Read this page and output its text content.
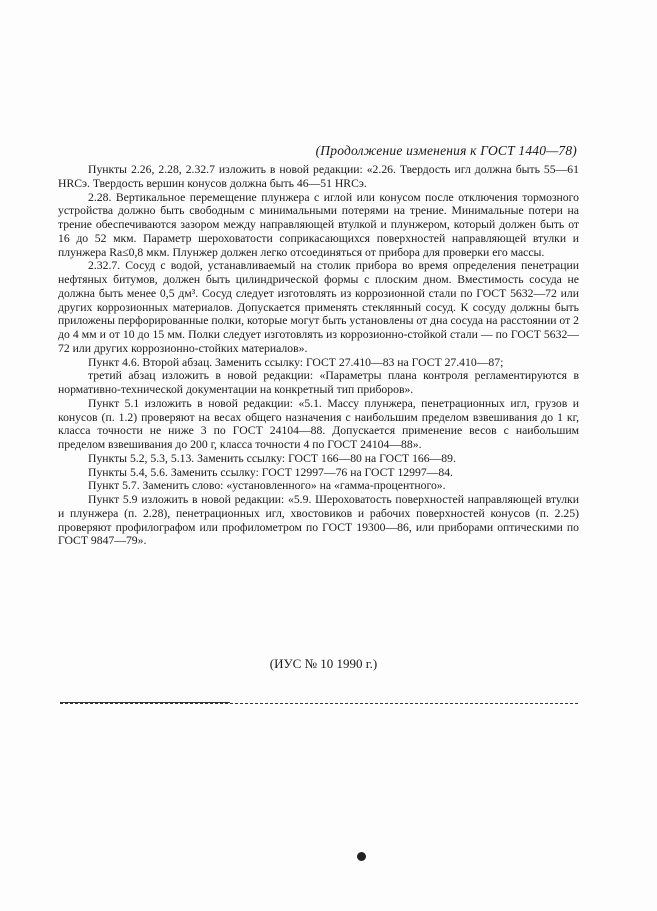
(Продолжение изменения к ГОСТ 1440—78)

Пункты 2.26, 2.28, 2.32.7 изложить в новой редакции: «2.26. Твердость игл должна быть 55—61 HRCэ. Твердость вершин конусов должна быть 46—51 HRCэ.

2.28. Вертикальное перемещение плунжера с иглой или конусом после отключения тормозного устройства должно быть свободным с минимальными потерями на трение. Минимальные потери на трение обеспечиваются зазором между направляющей втулкой и плунжером, который должен быть от 16 до 52 мкм. Параметр шероховатости соприкасающихся поверхностей направляющей втулки и плунжера Ra≤0,8 мкм. Плунжер должен легко отсоединяться от прибора для проверки его массы.

2.32.7. Сосуд с водой, устанавливаемый на столик прибора во время определения пенетрации нефтяных битумов, должен быть цилиндрической формы с плоским дном. Вместимость сосуда не должна быть менее 0,5 дм³. Сосуд следует изготовлять из коррозионной стали по ГОСТ 5632—72 или других коррозионных материалов. Допускается применять стеклянный сосуд. К сосуду должны быть приложены перфорированные полки, которые могут быть установлены от дна сосуда на расстоянии от 2 до 4 мм и от 10 до 15 мм. Полки следует изготовлять из коррозионно-стойкой стали — по ГОСТ 5632—72 или других коррозионно-стойких материалов».

Пункт 4.6. Второй абзац. Заменить ссылку: ГОСТ 27.410—83 на ГОСТ 27.410—87;

третий абзац изложить в новой редакции: «Параметры плана контроля регламентируются в нормативно-технической документации на конкретный тип приборов».

Пункт 5.1 изложить в новой редакции: «5.1. Массу плунжера, пенетрационных игл, грузов и конусов (п. 1.2) проверяют на весах общего назначения с наибольшим пределом взвешивания до 1 кг, класса точности не ниже 3 по ГОСТ 24104—88. Допускается применение весов с наибольшим пределом взвешивания до 200 г, класса точности 4 по ГОСТ 24104—88».

Пункты 5.2, 5.3, 5.13. Заменить ссылку: ГОСТ 166—80 на ГОСТ 166—89.

Пункты 5.4, 5.6. Заменить ссылку: ГОСТ 12997—76 на ГОСТ 12997—84.

Пункт 5.7. Заменить слово: «установленного» на «гамма-процентного».

Пункт 5.9 изложить в новой редакции: «5.9. Шероховатость поверхностей направляющей втулки и плунжера (п. 2.28), пенетрационных игл, хвостовиков и рабочих поверхностей конусов (п. 2.25) проверяют профилографом или профилометром по ГОСТ 19300—86, или приборами оптическими по ГОСТ 9847—79».

(ИУС № 10 1990 г.)
